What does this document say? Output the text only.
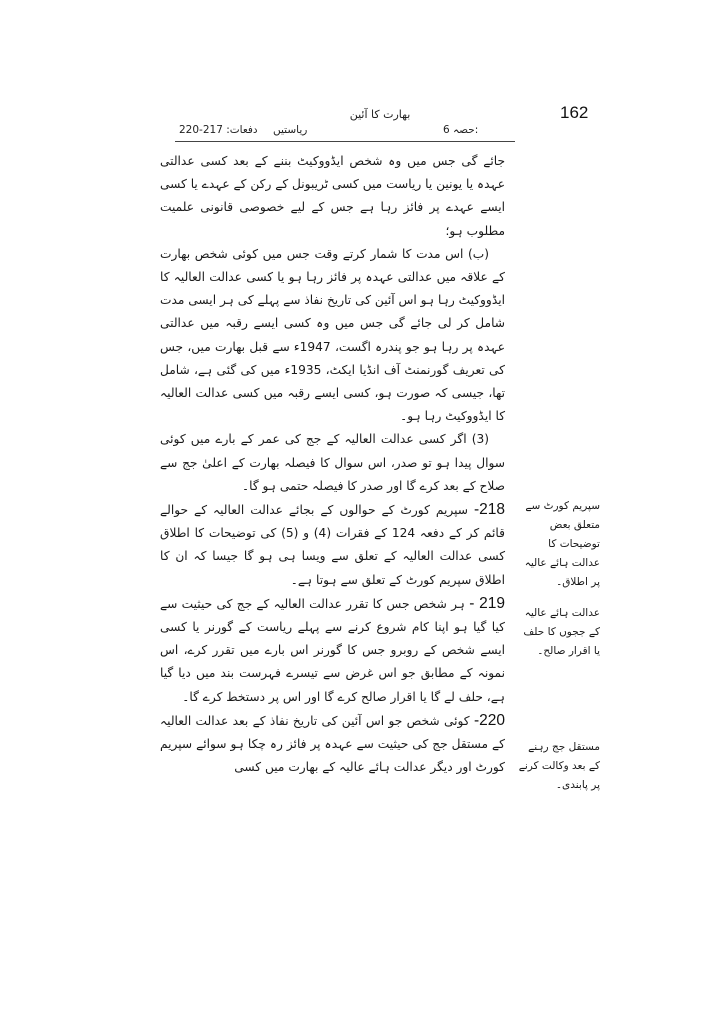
162
بھارت کا آئین
دفعات: 217-220 ریاستیں	حصہ 6:

جائے گی جس میں وہ شخص ایڈووکیٹ بننے کے بعد کسی عدالتی عہدہ یا یونین یا ریاست میں کسی ٹریبونل کے رکن کے عہدے یا کسی ایسے عہدے پر فائز رہا ہے جس کے لیے خصوصی قانونی علمیت مطلوب ہو؛

(ب) اس مدت کا شمار کرتے وقت جس میں کوئی شخص بھارت کے علاقہ میں عدالتی عہدہ پر فائز رہا ہو یا کسی عدالت العالیہ کا ایڈووکیٹ رہا ہو اس آئین کی تاریخ نفاذ سے پہلے کی ہر ایسی مدت شامل کر لی جائے گی جس میں وہ کسی ایسے رقبہ میں عدالتی عہدہ پر رہا ہو جو پندرہ اگست، 1947ء سے قبل بھارت میں، جس کی تعریف گورنمنٹ آف انڈیا ایکٹ، 1935ء میں کی گئی ہے، شامل تھا، جیسی کہ صورت ہو، کسی ایسے رقبہ میں کسی عدالت العالیہ کا ایڈووکیٹ رہا ہو۔

(3) اگر کسی عدالت العالیہ کے جج کی عمر کے بارے میں کوئی سوال پیدا ہو تو صدر، اس سوال کا فیصلہ بھارت کے اعلیٰ جج سے صلاح کے بعد کرے گا اور صدر کا فیصلہ حتمی ہو گا۔

218- سپریم کورٹ کے حوالوں کے بجائے عدالت العالیہ کے حوالے قائم کر کے دفعہ 124 کے فقرات (4) و (5) کی توضیحات کا اطلاق کسی عدالت العالیہ کے تعلق سے ویسا ہی ہو گا جیسا کہ ان کا اطلاق سپریم کورٹ کے تعلق سے ہوتا ہے۔

219 - ہر شخص جس کا تقرر عدالت العالیہ کے جج کی حیثیت سے کیا گیا ہو اپنا کام شروع کرنے سے پہلے ریاست کے گورنر یا کسی ایسے شخص کے روبرو جس کا گورنر اس بارے میں تقرر کرے، اس نمونہ کے مطابق جو اس غرض سے تیسرے فہرست بند میں دیا گیا ہے، حلف لے گا یا اقرار صالح کرے گا اور اس پر دستخط کرے گا۔

220- کوئی شخص جو اس آئین کی تاریخ نفاذ کے بعد عدالت العالیہ کے مستقل جج کی حیثیت سے عہدہ پر فائز رہ چکا ہو سوائے سپریم کورٹ اور دیگر عدالت ہائے عالیہ کے بھارت میں کسی

سپریم کورٹ سے متعلق بعض توضیحات کا عدالت ہائے عالیہ پر اطلاق۔
عدالت ہائے عالیہ کے ججوں کا حلف یا اقرار صالح۔
مستقل جج رہنے کے بعد وکالت کرنے پر پابندی۔
